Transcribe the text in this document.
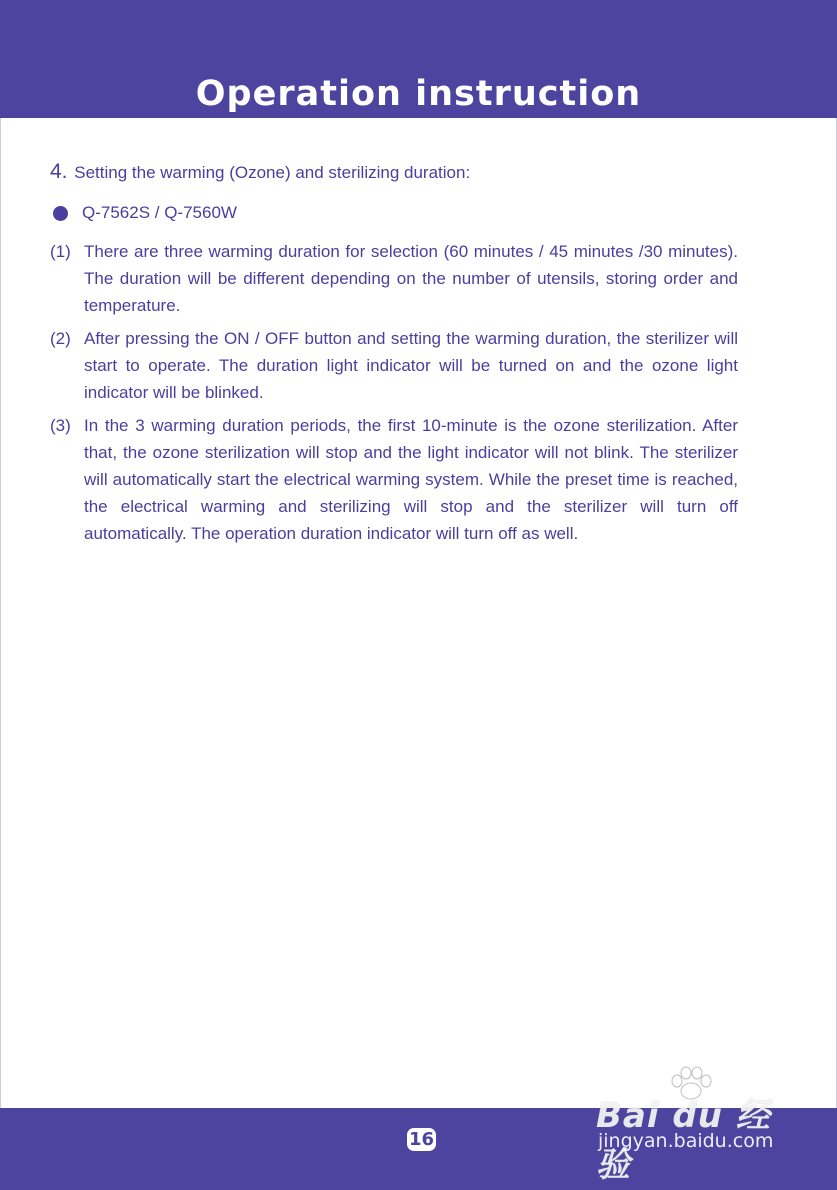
Operation instruction
4. Setting the warming (Ozone) and sterilizing duration:
Q-7562S / Q-7560W
(1) There are three warming duration for selection (60 minutes / 45 minutes /30 minutes). The duration will be different depending on the number of utensils, storing order and temperature.
(2) After pressing the ON / OFF button and setting the warming duration, the sterilizer will start to operate. The duration light indicator will be turned on and the ozone light indicator will be blinked.
(3) In the 3 warming duration periods, the first 10-minute is the ozone sterilization. After that, the ozone sterilization will stop and the light indicator will not blink. The sterilizer will automatically start the electrical warming system. While the preset time is reached, the electrical warming and sterilizing will stop and the sterilizer will turn off automatically. The operation duration indicator will turn off as well.
16
Bai du 经验
jingyan.baidu.com
